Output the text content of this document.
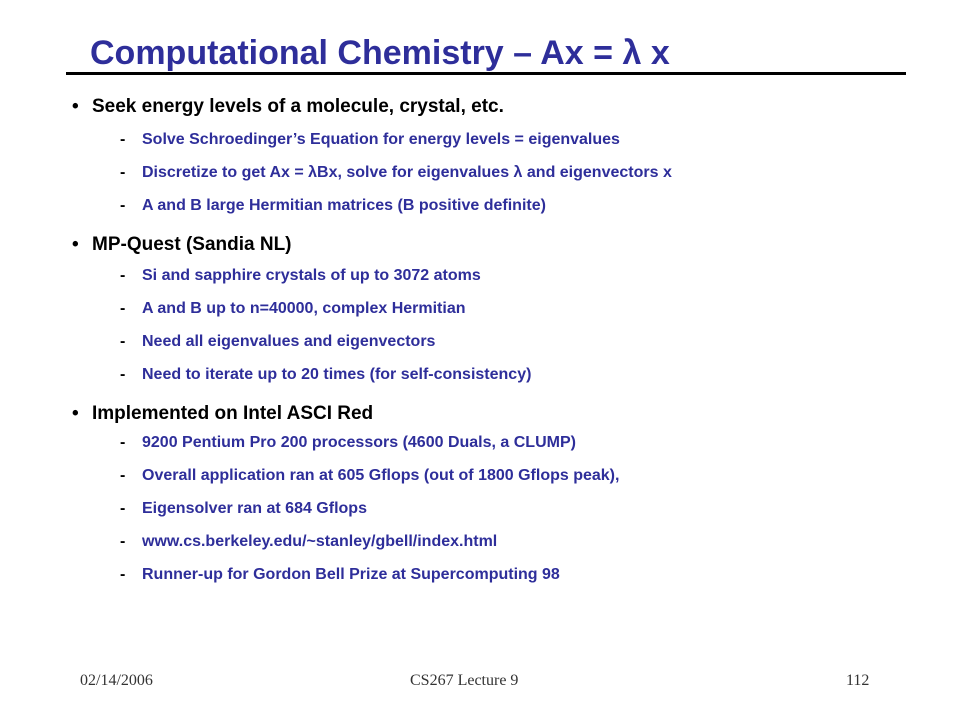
Computational Chemistry – Ax = λ x
• Seek energy levels of a molecule, crystal, etc.
- Solve Schroedinger’s Equation for energy levels = eigenvalues
- Discretize to get Ax = λBx, solve for eigenvalues λ and eigenvectors x
- A and B large Hermitian matrices (B positive definite)
• MP-Quest (Sandia NL)
- Si and sapphire crystals of up to 3072 atoms
- A and B up to n=40000, complex Hermitian
- Need all eigenvalues and eigenvectors
- Need to iterate up to 20 times (for self-consistency)
• Implemented on Intel ASCI Red
- 9200 Pentium Pro 200 processors (4600 Duals, a CLUMP)
- Overall application ran at 605 Gflops (out of 1800 Gflops peak),
- Eigensolver ran at 684 Gflops
- www.cs.berkeley.edu/~stanley/gbell/index.html
- Runner-up for Gordon Bell Prize at Supercomputing 98
02/14/2006	CS267 Lecture 9	112
